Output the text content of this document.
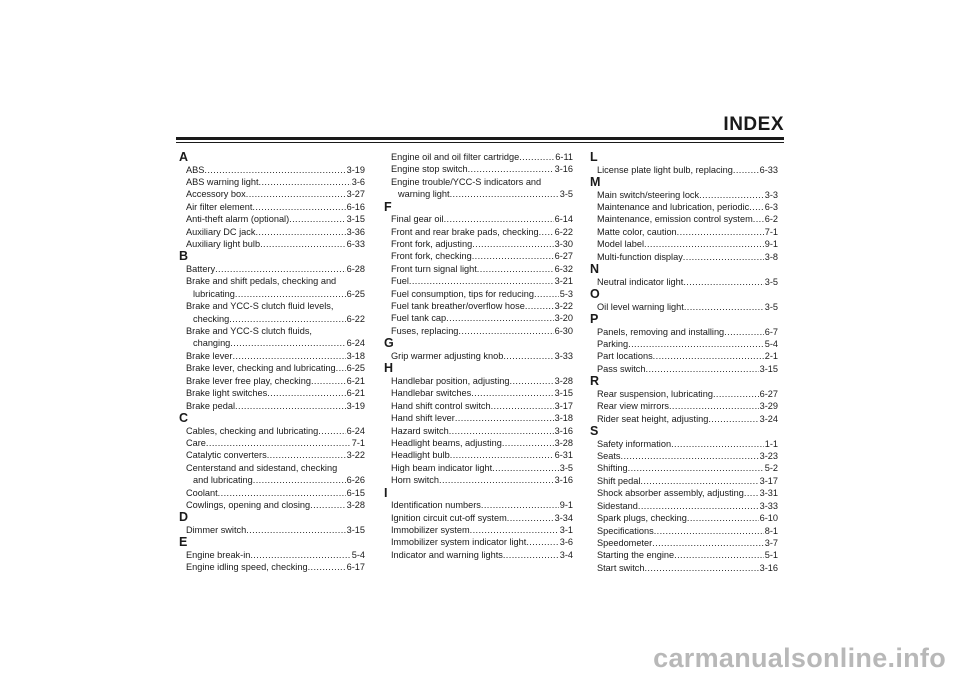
INDEX
A
ABS .....	3-19
ABS warning light .....	3-6
Accessory box .....	3-27
Air filter element .....	6-16
Anti-theft alarm (optional) .....	3-15
Auxiliary DC jack .....	3-36
Auxiliary light bulb .....	6-33
B
Battery .....	6-28
Brake and shift pedals, checking and
lubricating .....	6-25
Brake and YCC-S clutch fluid levels,
checking .....	6-22
Brake and YCC-S clutch fluids,
changing .....	6-24
Brake lever .....	3-18
Brake lever, checking and lubricating ..... 6-25
Brake lever free play, checking .....	6-21
Brake light switches .....	6-21
Brake pedal .....	3-19
C
Cables, checking and lubricating .....	6-24
Care .....	7-1
Catalytic converters .....	3-22
Centerstand and sidestand, checking
and lubricating .....	6-26
Coolant .....	6-15
Cowlings, opening and closing .....	3-28
D
Dimmer switch .....	3-15
E
Engine break-in .....	5-4
Engine idling speed, checking .....	6-17
Engine oil and oil filter cartridge .....	6-11
Engine stop switch .....	3-16
Engine trouble/YCC-S indicators and
warning light .....	3-5
F
Final gear oil .....	6-14
Front and rear brake pads, checking ..... 6-22
Front fork, adjusting .....	3-30
Front fork, checking .....	6-27
Front turn signal light .....	6-32
Fuel .....	3-21
Fuel consumption, tips for reducing .....	5-3
Fuel tank breather/overflow hose .....	3-22
Fuel tank cap .....	3-20
Fuses, replacing .....	6-30
G
Grip warmer adjusting knob .....	3-33
H
Handlebar position, adjusting .....	3-28
Handlebar switches .....	3-15
Hand shift control switch .....	3-17
Hand shift lever .....	3-18
Hazard switch .....	3-16
Headlight beams, adjusting .....	3-28
Headlight bulb .....	6-31
High beam indicator light .....	3-5
Horn switch .....	3-16
I
Identification numbers .....	9-1
Ignition circuit cut-off system .....	3-34
Immobilizer system .....	3-1
Immobilizer system indicator light .....	3-6
Indicator and warning lights .....	3-4
L
License plate light bulb, replacing .....	6-33
M
Main switch/steering lock .....	3-3
Maintenance and lubrication, periodic ..... 6-3
Maintenance, emission control system ..... 6-2
Matte color, caution .....	7-1
Model label .....	9-1
Multi-function display .....	3-8
N
Neutral indicator light .....	3-5
O
Oil level warning light .....	3-5
P
Panels, removing and installing .....	6-7
Parking .....	5-4
Part locations .....	2-1
Pass switch .....	3-15
R
Rear suspension, lubricating .....	6-27
Rear view mirrors .....	3-29
Rider seat height, adjusting .....	3-24
S
Safety information .....	1-1
Seats .....	3-23
Shifting .....	5-2
Shift pedal .....	3-17
Shock absorber assembly, adjusting ..... 3-31
Sidestand .....	3-33
Spark plugs, checking .....	6-10
Specifications .....	8-1
Speedometer .....	3-7
Starting the engine .....	5-1
Start switch .....	3-16
carmanualsonline.info
